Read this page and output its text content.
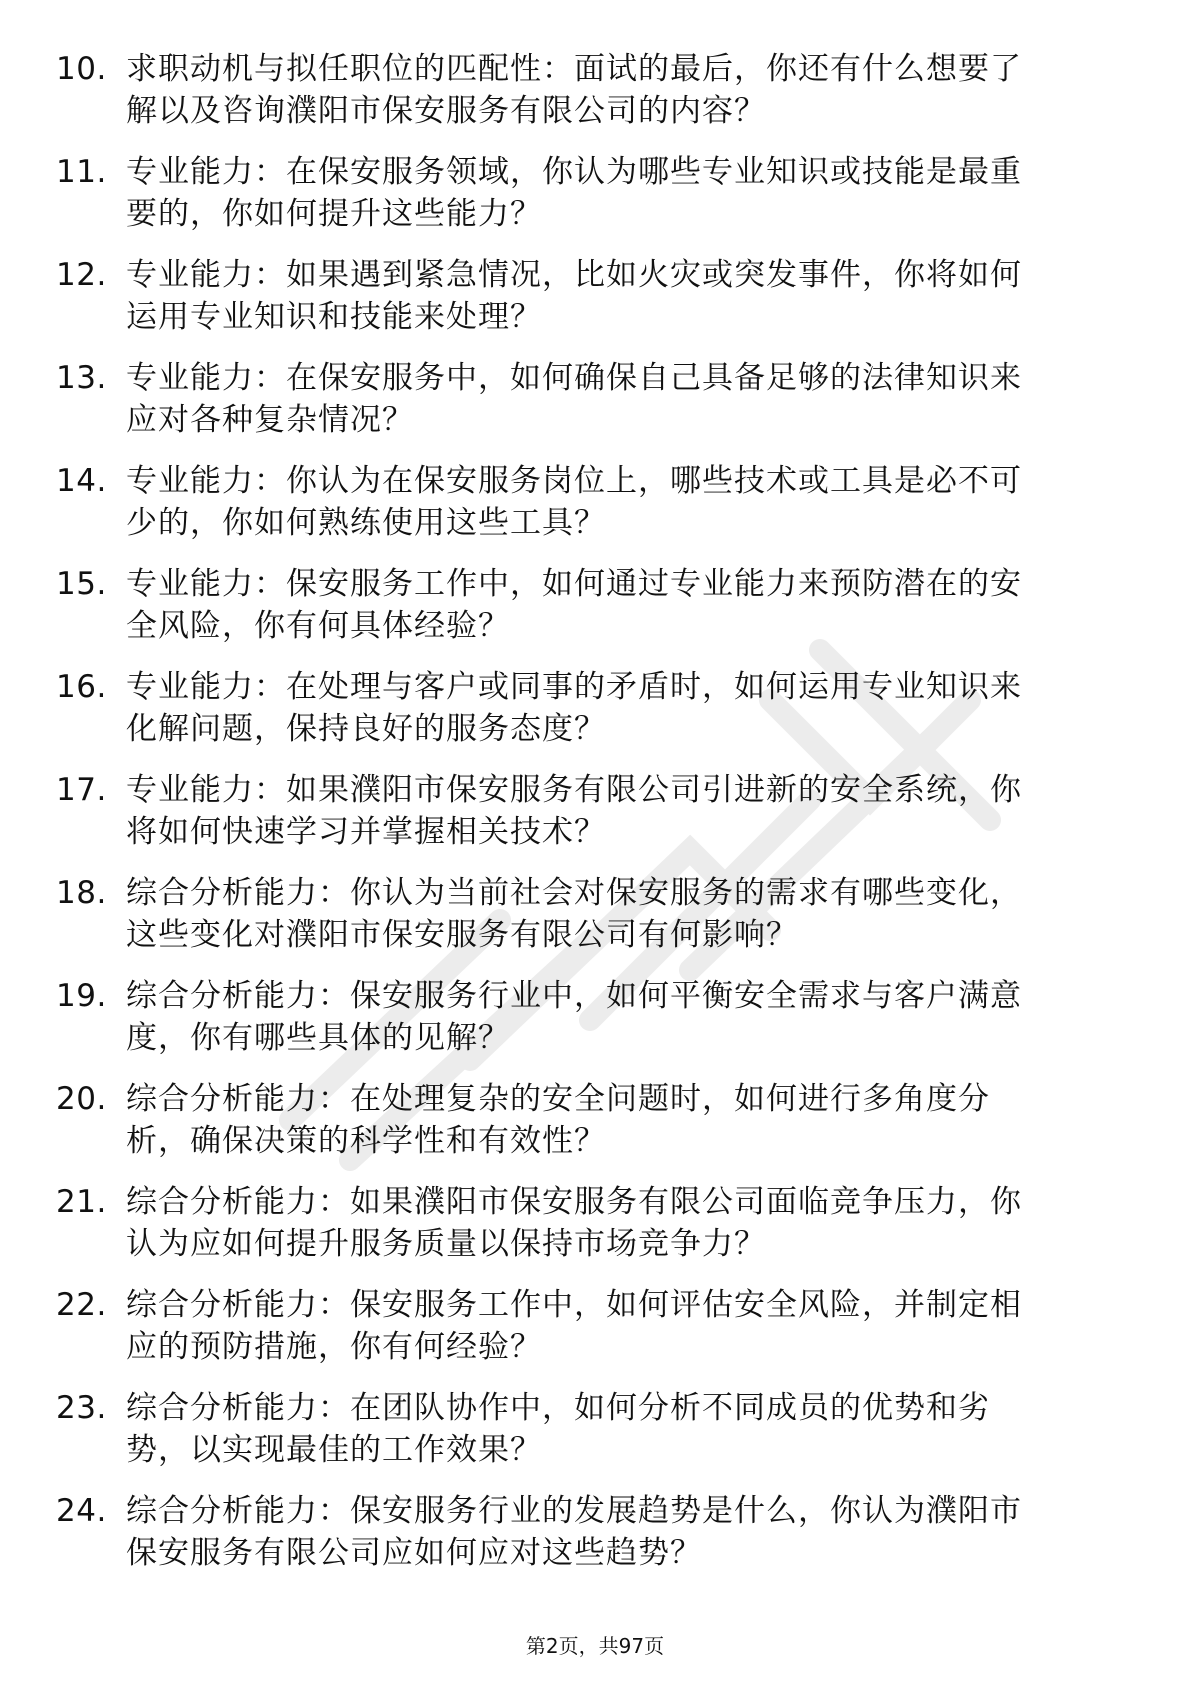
10. 求职动机与拟任职位的匹配性：面试的最后，你还有什么想要了
解以及咨询濮阳市保安服务有限公司的内容？
11. 专业能力：在保安服务领域，你认为哪些专业知识或技能是最重
要的，你如何提升这些能力？
12. 专业能力：如果遇到紧急情况，比如火灾或突发事件，你将如何
运用专业知识和技能来处理？
13. 专业能力：在保安服务中，如何确保自己具备足够的法律知识来
应对各种复杂情况？
14. 专业能力：你认为在保安服务岗位上，哪些技术或工具是必不可
少的，你如何熟练使用这些工具？
15. 专业能力：保安服务工作中，如何通过专业能力来预防潜在的安
全风险，你有何具体经验？
16. 专业能力：在处理与客户或同事的矛盾时，如何运用专业知识来
化解问题，保持良好的服务态度？
17. 专业能力：如果濮阳市保安服务有限公司引进新的安全系统，你
将如何快速学习并掌握相关技术？
18. 综合分析能力：你认为当前社会对保安服务的需求有哪些变化，
这些变化对濮阳市保安服务有限公司有何影响？
19. 综合分析能力：保安服务行业中，如何平衡安全需求与客户满意
度，你有哪些具体的见解？
20. 综合分析能力：在处理复杂的安全问题时，如何进行多角度分
析，确保决策的科学性和有效性？
21. 综合分析能力：如果濮阳市保安服务有限公司面临竞争压力，你
认为应如何提升服务质量以保持市场竞争力？
22. 综合分析能力：保安服务工作中，如何评估安全风险，并制定相
应的预防措施，你有何经验？
23. 综合分析能力：在团队协作中，如何分析不同成员的优势和劣
势，以实现最佳的工作效果？
24. 综合分析能力：保安服务行业的发展趋势是什么，你认为濮阳市
保安服务有限公司应如何应对这些趋势？
第2页，共97页
